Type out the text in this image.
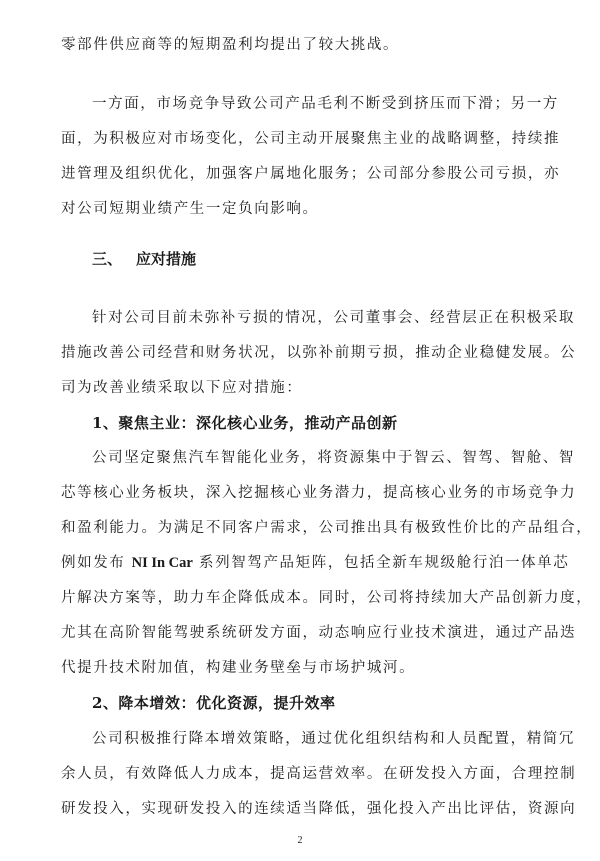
零部件供应商等的短期盈利均提出了较大挑战。
一方面，市场竞争导致公司产品毛利不断受到挤压而下滑；另一方
面，为积极应对市场变化，公司主动开展聚焦主业的战略调整，持续推
进管理及组织优化，加强客户属地化服务；公司部分参股公司亏损，亦
对公司短期业绩产生一定负向影响。
三、 应对措施
针对公司目前未弥补亏损的情况，公司董事会、经营层正在积极采取
措施改善公司经营和财务状况，以弥补前期亏损，推动企业稳健发展。公
司为改善业绩采取以下应对措施：
1、聚焦主业：深化核心业务，推动产品创新
公司坚定聚焦汽车智能化业务，将资源集中于智云、智驾、智舱、智
芯等核心业务板块，深入挖掘核心业务潜力，提高核心业务的市场竞争力
和盈利能力。为满足不同客户需求，公司推出具有极致性价比的产品组合，
例如发布 NI In Car 系列智驾产品矩阵，包括全新车规级舱行泊一体单芯
片解决方案等，助力车企降低成本。同时，公司将持续加大产品创新力度，
尤其在高阶智能驾驶系统研发方面，动态响应行业技术演进，通过产品迭
代提升技术附加值，构建业务壁垒与市场护城河。
2、降本增效：优化资源，提升效率
公司积极推行降本增效策略，通过优化组织结构和人员配置，精简冗
余人员，有效降低人力成本，提高运营效率。在研发投入方面，合理控制
研发投入，实现研发投入的连续适当降低，强化投入产出比评估，资源向
2
